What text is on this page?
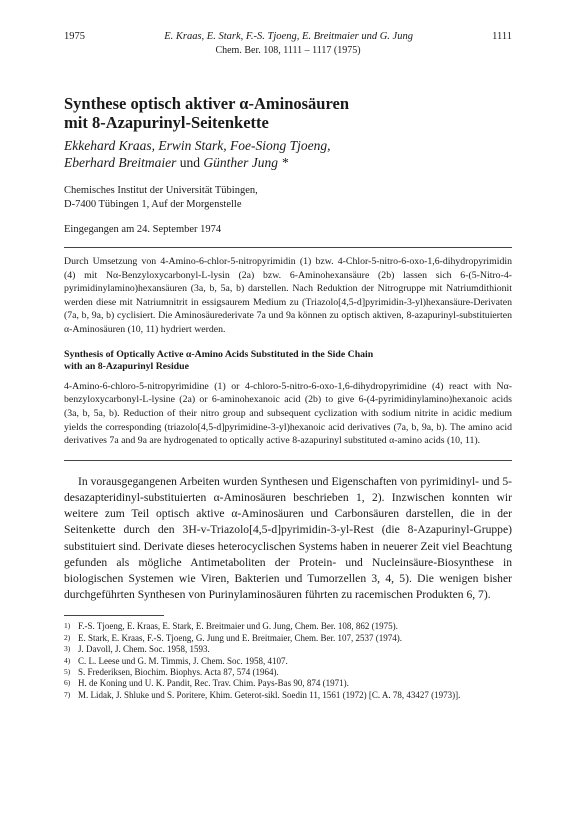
1975	E. Kraas, E. Stark, F.-S. Tjoeng, E. Breitmaier und G. Jung	1111
Chem. Ber. 108, 1111 – 1117 (1975)
Synthese optisch aktiver α-Aminosäuren
mit 8-Azapurinyl-Seitenkette
Ekkehard Kraas, Erwin Stark, Foe-Siong Tjoeng,
Eberhard Breitmaier und Günther Jung *
Chemisches Institut der Universität Tübingen,
D-7400 Tübingen 1, Auf der Morgenstelle
Eingegangen am 24. September 1974
Durch Umsetzung von 4-Amino-6-chlor-5-nitropyrimidin (1) bzw. 4-Chlor-5-nitro-6-oxo-1,6-dihydropyrimidin (4) mit Nα-Benzyloxycarbonyl-L-lysin (2a) bzw. 6-Aminohexansäure (2b) lassen sich 6-(5-Nitro-4-pyrimidinylamino)hexansäuren (3a, b, 5a, b) darstellen. Nach Reduktion der Nitrogruppe mit Natriumdithionit werden diese mit Natriumnitrit in essigsaurem Medium zu (Triazolo[4,5-d]pyrimidin-3-yl)hexansäure-Derivaten (7a, b, 9a, b) cyclisiert. Die Aminosäurederivate 7a und 9a können zu optisch aktiven, 8-azapurinyl-substituierten α-Aminosäuren (10, 11) hydriert werden.
Synthesis of Optically Active α-Amino Acids Substituted in the Side Chain
with an 8-Azapurinyl Residue
4-Amino-6-chloro-5-nitropyrimidine (1) or 4-chloro-5-nitro-6-oxo-1,6-dihydropyrimidine (4) react with Nα-benzyloxycarbonyl-L-lysine (2a) or 6-aminohexanoic acid (2b) to give 6-(4-pyrimidinylamino)hexanoic acids (3a, b, 5a, b). Reduction of their nitro group and subsequent cyclization with sodium nitrite in acidic medium yields the corresponding (triazolo[4,5-d]pyrimidine-3-yl)hexanoic acid derivatives (7a, b, 9a, b). The amino acid derivatives 7a and 9a are hydrogenated to optically active 8-azapurinyl substituted α-amino acids (10, 11).
In vorausgegangenen Arbeiten wurden Synthesen und Eigenschaften von pyrimidinyl- und 5-desazapteridinyl-substituierten α-Aminosäuren beschrieben 1, 2). Inzwischen konnten wir weitere zum Teil optisch aktive α-Aminosäuren und Carbonsäuren darstellen, die in der Seitenkette durch den 3H-v-Triazolo[4,5-d]pyrimidin-3-yl-Rest (die 8-Azapurinyl-Gruppe) substituiert sind. Derivate dieses heterocyclischen Systems haben in neuerer Zeit viel Beachtung gefunden als mögliche Antimetaboliten der Protein- und Nucleinsäure-Biosynthese in biologischen Systemen wie Viren, Bakterien und Tumorzellen 3, 4, 5). Die wenigen bisher durchgeführten Synthesen von Purinylaminosäuren führten zu racemischen Produkten 6, 7).
1) F.-S. Tjoeng, E. Kraas, E. Stark, E. Breitmaier und G. Jung, Chem. Ber. 108, 862 (1975).
2) E. Stark, E. Kraas, F.-S. Tjoeng, G. Jung und E. Breitmaier, Chem. Ber. 107, 2537 (1974).
3) J. Davoll, J. Chem. Soc. 1958, 1593.
4) C. L. Leese und G. M. Timmis, J. Chem. Soc. 1958, 4107.
5) S. Frederiksen, Biochim. Biophys. Acta 87, 574 (1964).
6) H. de Koning und U. K. Pandit, Rec. Trav. Chim. Pays-Bas 90, 874 (1971).
7) M. Lidak, J. Shluke und S. Poritere, Khim. Geterot-sikl. Soedin 11, 1561 (1972) [C. A. 78, 43427 (1973)].
